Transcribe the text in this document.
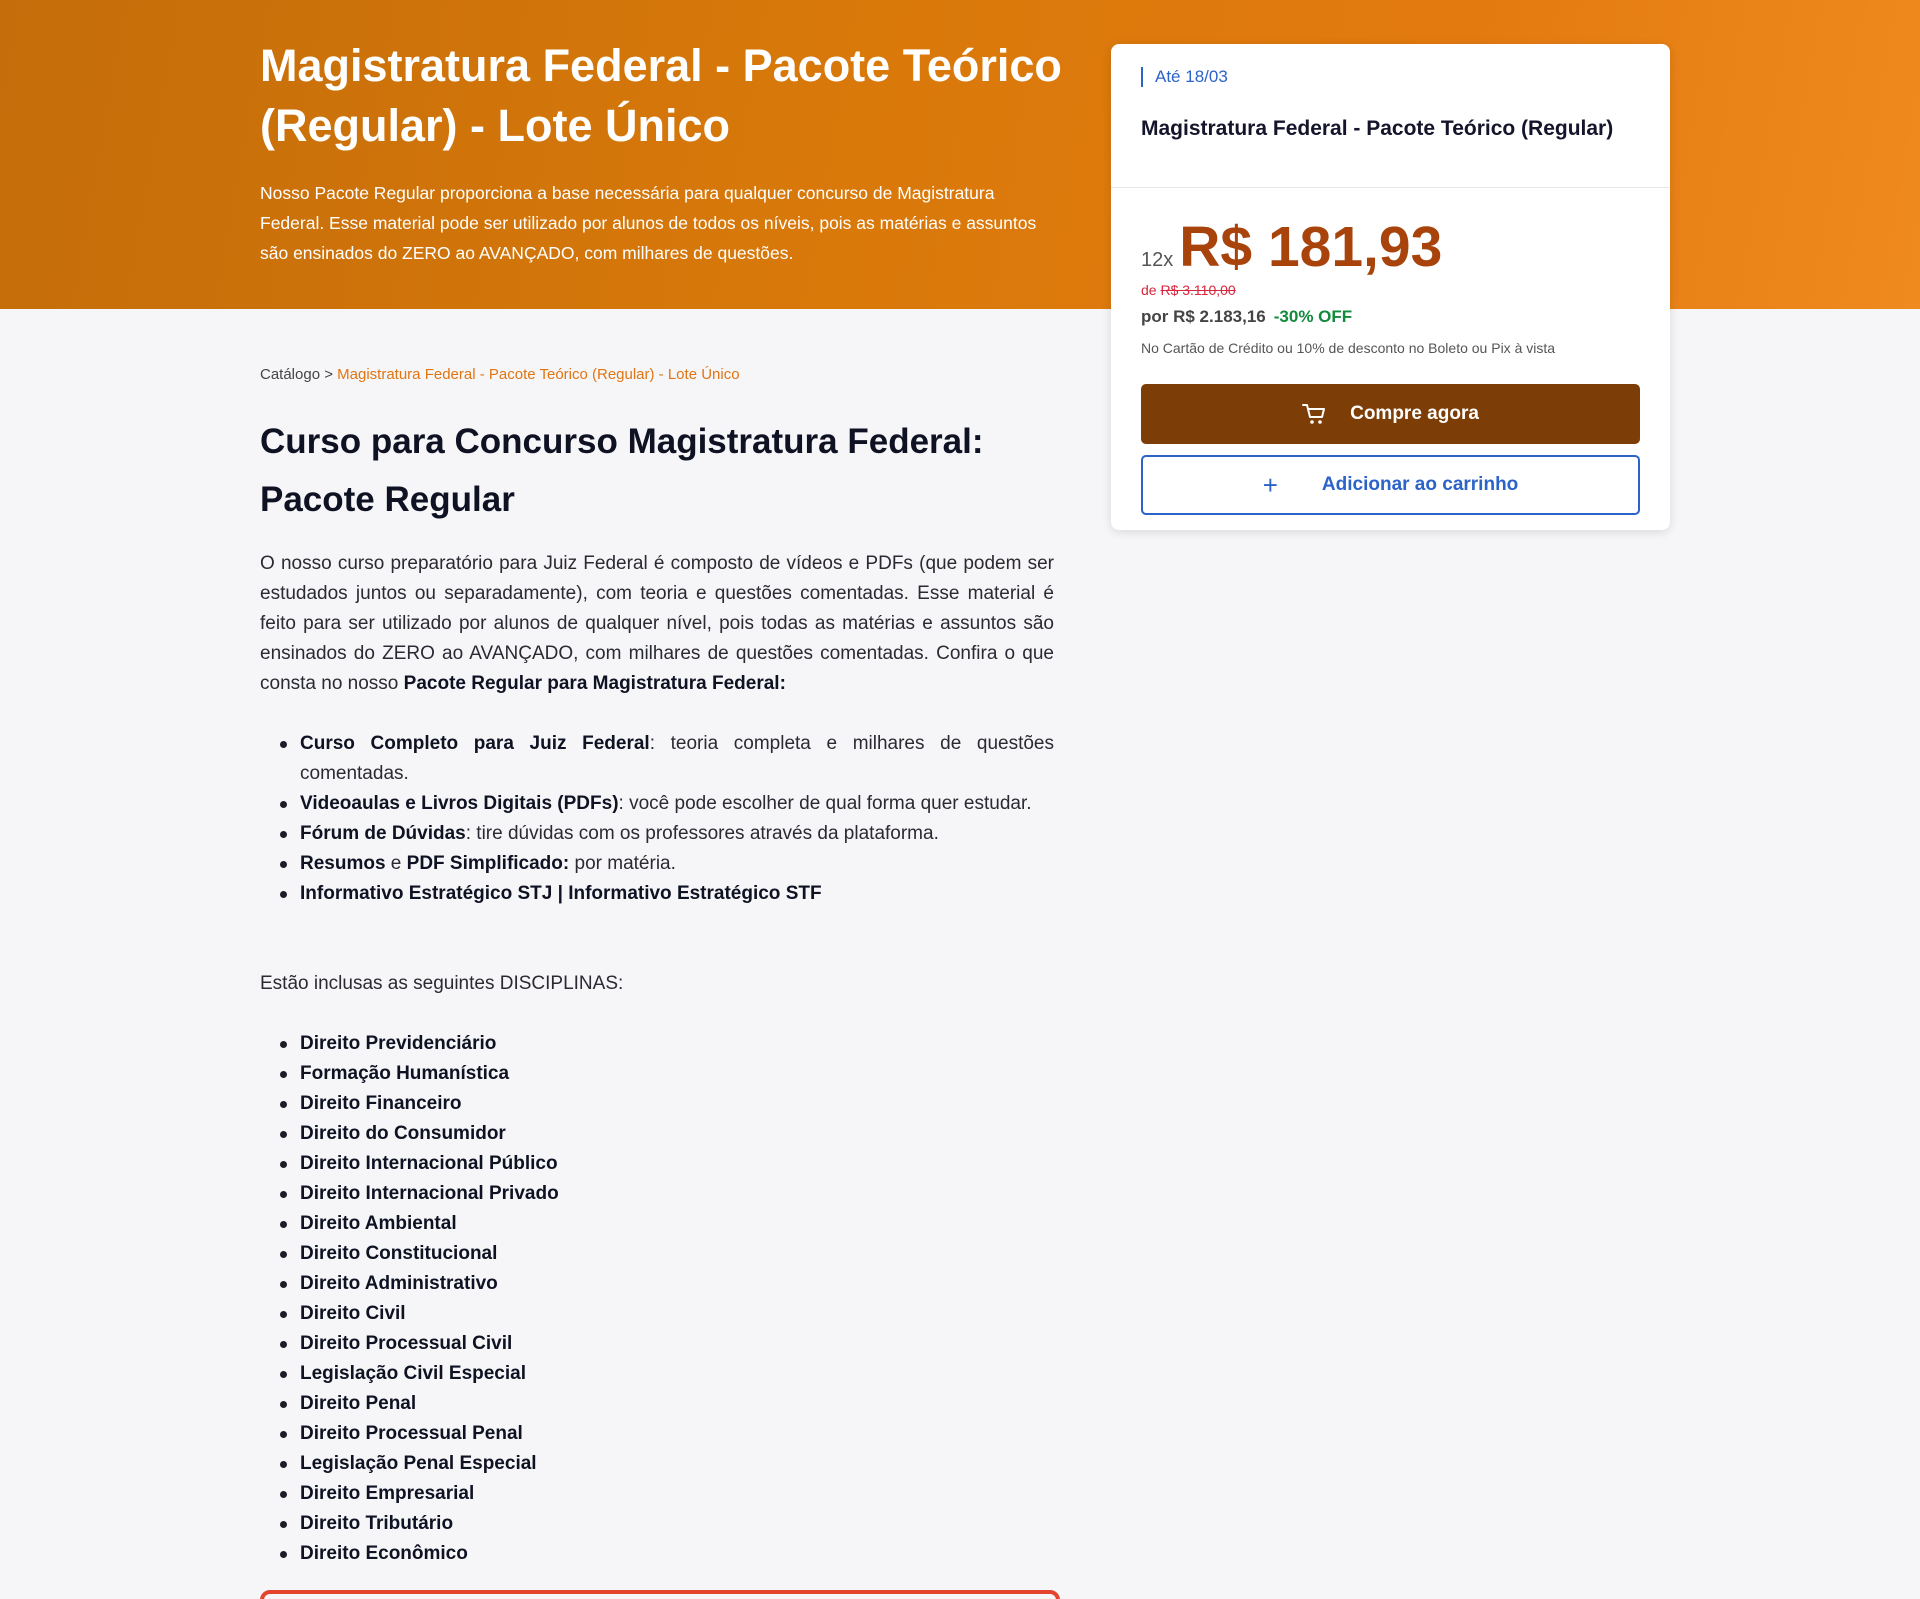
Magistratura Federal - Pacote Teórico (Regular) - Lote Único

Nosso Pacote Regular proporciona a base necessária para qualquer concurso de Magistratura Federal. Esse material pode ser utilizado por alunos de todos os níveis, pois as matérias e assuntos são ensinados do ZERO ao AVANÇADO, com milhares de questões.

Catálogo > Magistratura Federal - Pacote Teórico (Regular) - Lote Único
Curso para Concurso Magistratura Federal: Pacote Regular

O nosso curso preparatório para Juiz Federal é composto de vídeos e PDFs (que podem ser estudados juntos ou separadamente), com teoria e questões comentadas. Esse material é feito para ser utilizado por alunos de qualquer nível, pois todas as matérias e assuntos são ensinados do ZERO ao AVANÇADO, com milhares de questões comentadas. Confira o que consta no nosso Pacote Regular para Magistratura Federal:

Curso Completo para Juiz Federal: teoria completa e milhares de questões comentadas.
Videoaulas e Livros Digitais (PDFs): você pode escolher de qual forma quer estudar.
Fórum de Dúvidas: tire dúvidas com os professores através da plataforma.
Resumos e PDF Simplificado: por matéria.
Informativo Estratégico STJ | Informativo Estratégico STF

Estão inclusas as seguintes DISCIPLINAS:

Direito Previdenciário
Formação Humanística
Direito Financeiro
Direito do Consumidor
Direito Internacional Público
Direito Internacional Privado
Direito Ambiental
Direito Constitucional
Direito Administrativo
Direito Civil
Direito Processual Civil
Legislação Civil Especial
Direito Penal
Direito Processual Penal
Legislação Penal Especial
Direito Empresarial
Direito Tributário
Direito Econômico
Até 18/03
Magistratura Federal - Pacote Teórico (Regular)
12x R$ 181,93
de R$ 3.110,00
por R$ 2.183,16 -30% OFF
No Cartão de Crédito ou 10% de desconto no Boleto ou Pix à vista
Compre agora
+ Adicionar ao carrinho
